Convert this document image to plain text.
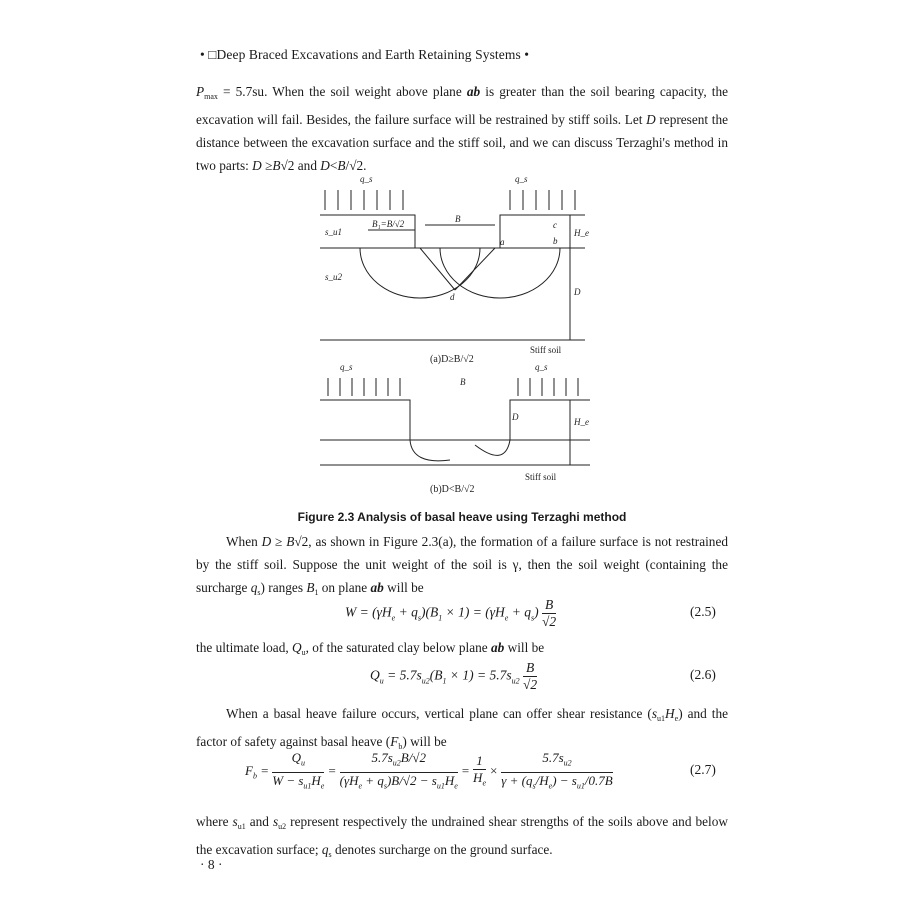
• □Deep Braced Excavations and Earth Retaining Systems •
$P_{max} = 5.7su$. When the soil weight above plane ab is greater than the soil bearing capacity, the excavation will fail. Besides, the failure surface will be restrained by stiff soils. Let D represent the distance between the excavation surface and the stiff soil, and we can discuss Terzaghi's method in two parts: D ≥B√2 and D<B/√2.
q_s	q_s
B₁=B/√2	B
s_u1
s_u2
c
b
a
d
H_e
D
B
q_s	q_s
D	H_e
Stiff soil
Stiff soil
(a)D≥B/√2
(b)D<B/√2
Figure 2.3 Analysis of basal heave using Terzaghi method
When D ≥ B√2, as shown in Figure 2.3(a), the formation of a failure surface is not restrained by the stiff soil. Suppose the unit weight of the soil is γ, then the soil weight (containing the surcharge $q_s$) ranges $B_1$ on plane ab will be
$W = (\gamma H_e + q_s)(B_1 \times 1) = (\gamma H_e + q_s) \frac{B}{√2}$	(2.5)
the ultimate load, $Q_u$, of the saturated clay below plane ab will be
$Q_u = 5.7s_{u2}(B_1 \times 1) = 5.7s_{u2} \frac{B}{√2}$	(2.6)
When a basal heave failure occurs, vertical plane can offer shear resistance $(s_{u1}H_e)$ and the factor of safety against basal heave $(F_b)$ will be
$F_b = \frac{Q_u}{W - s_{u1}H_e} = \frac{5.7s_{u2}B/√2}{(\gamma H_e + q_s)B/√2 - s_{u1}H_e} = \frac{1}{H_e} \times \frac{5.7s_{u2}}{\gamma + (q_s/H_e) - s_{u1}/0.7B}$	(2.7)
where $s_{u1}$ and $s_{u2}$ represent respectively the undrained shear strengths of the soils above and below the excavation surface; $q_s$ denotes surcharge on the ground surface.
· 8 ·
